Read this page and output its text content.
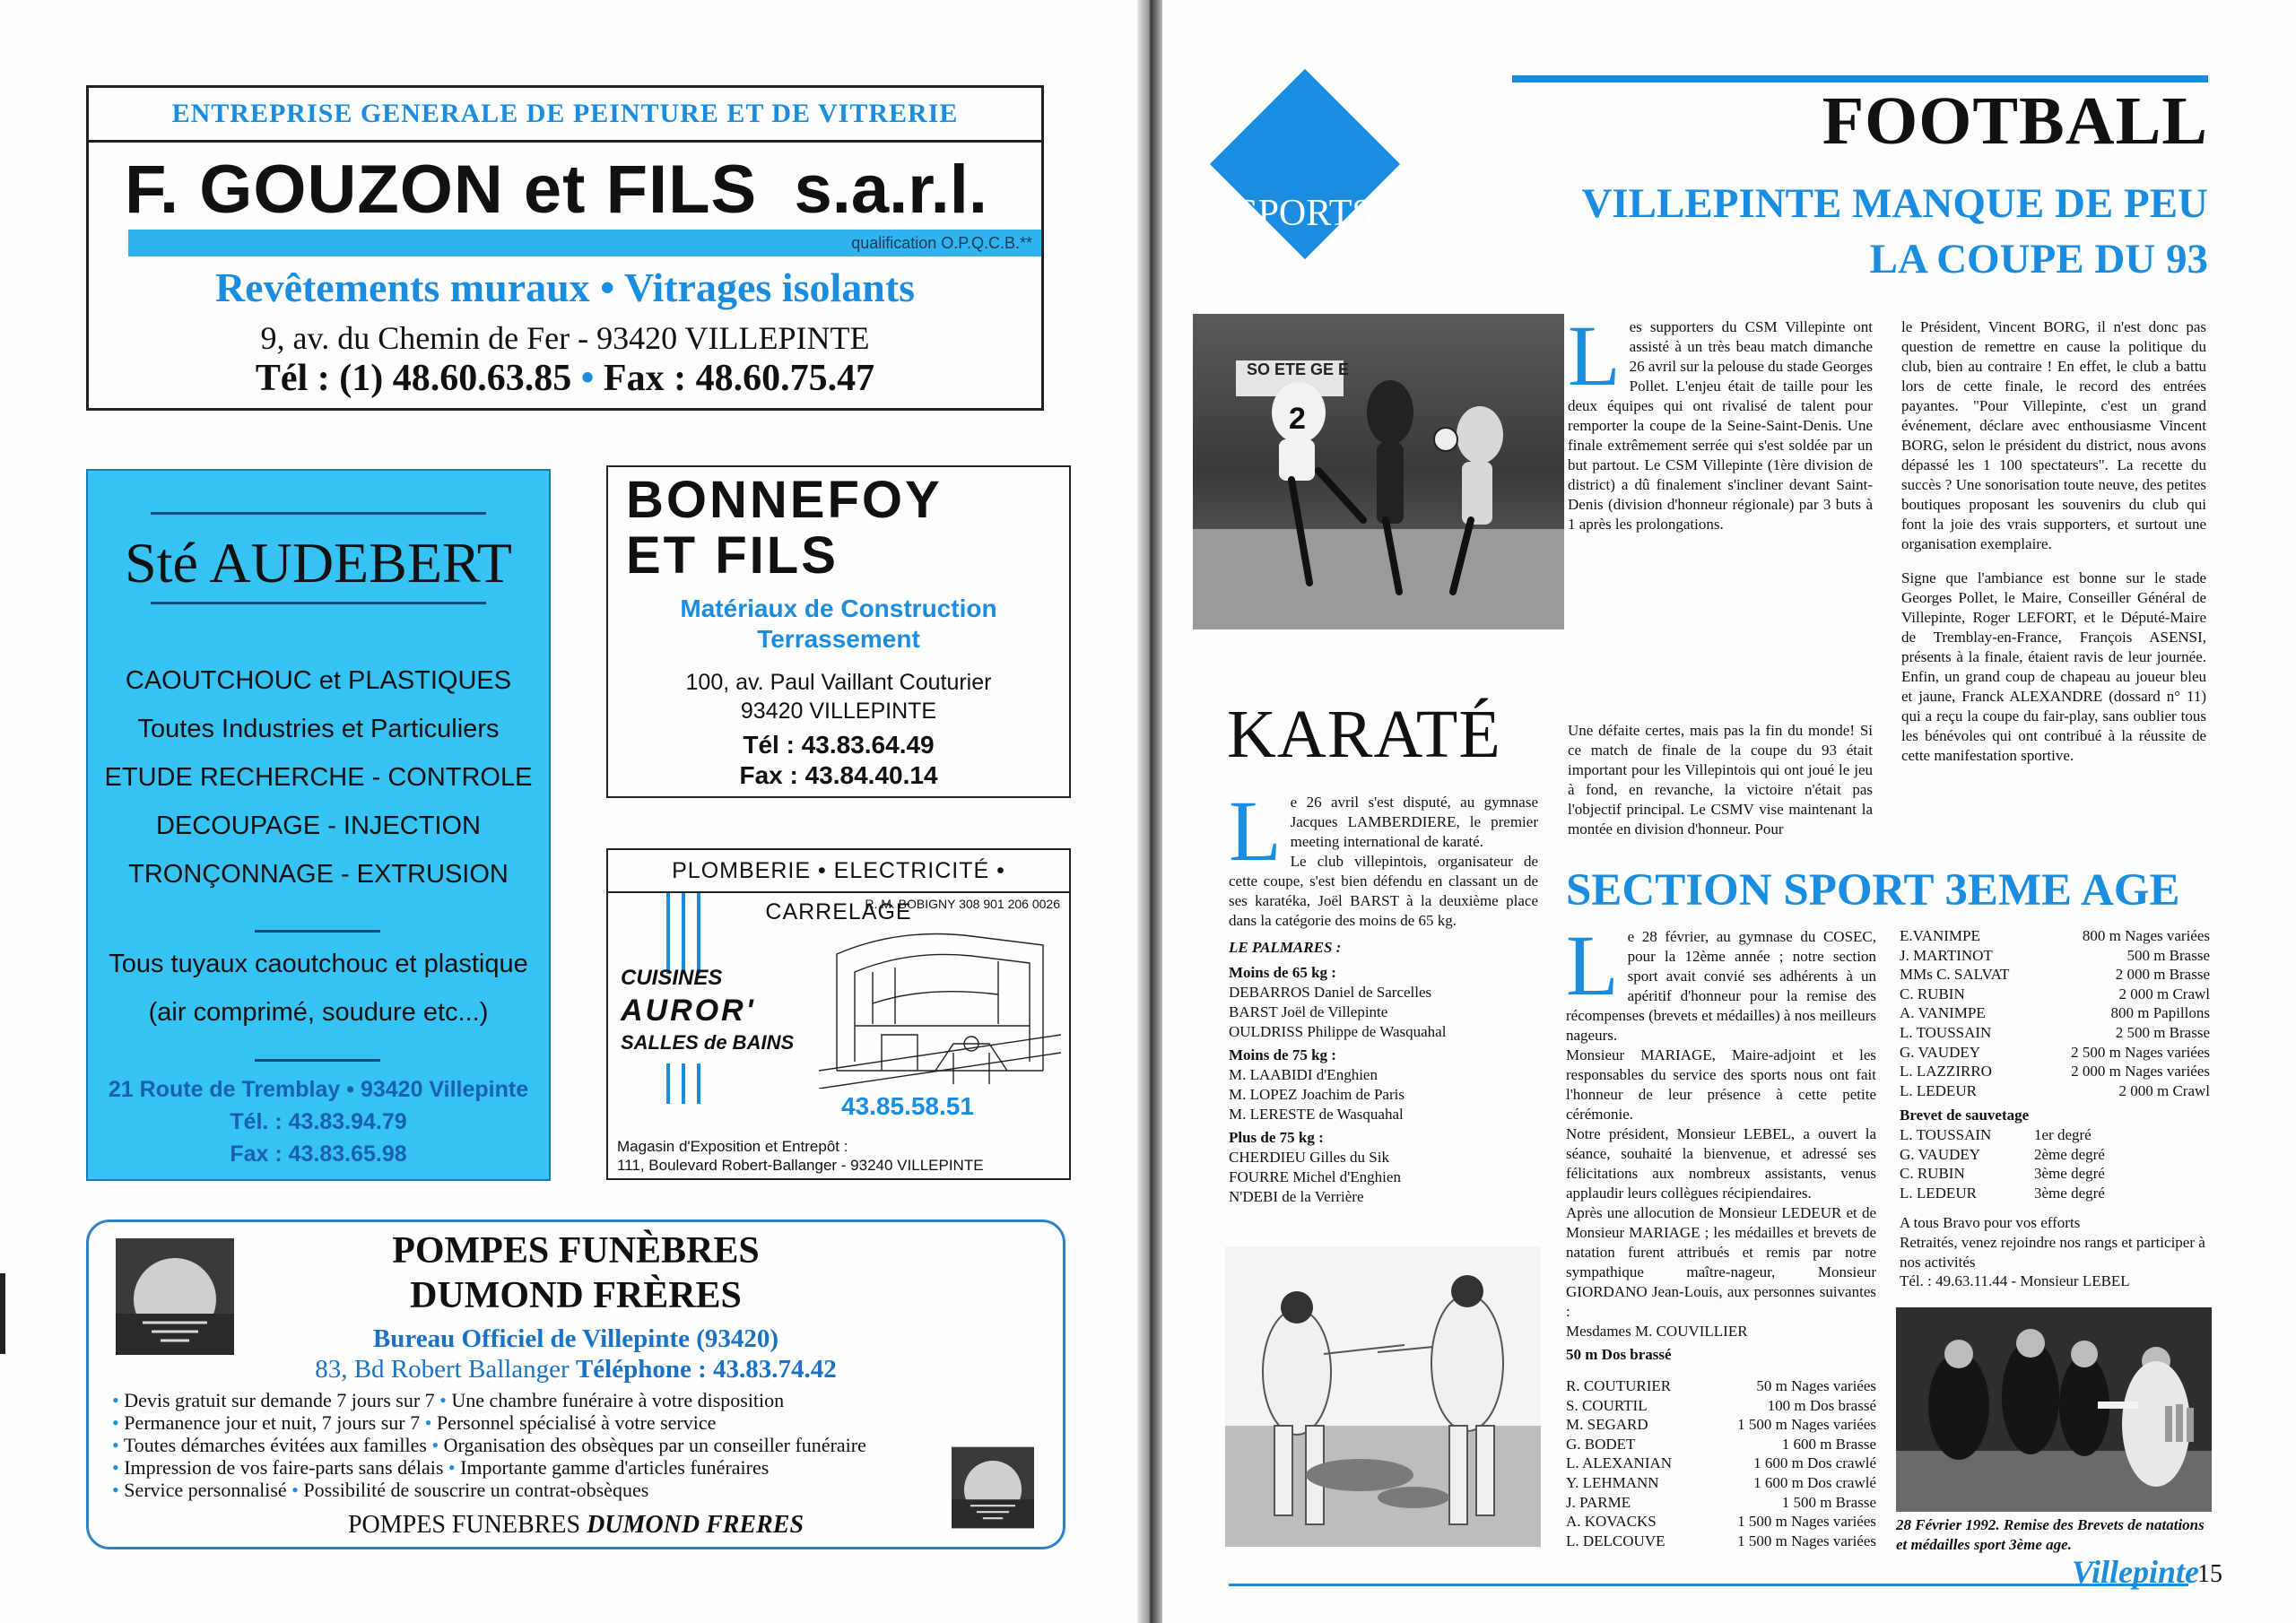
ENTREPRISE GENERALE DE PEINTURE ET DE VITRERIE
F. GOUZON et FILS s.a.r.l.
qualification O.P.Q.C.B.**
Revêtements muraux • Vitrages isolants
9, av. du Chemin de Fer - 93420 VILLEPINTE
Tél : (1) 48.60.63.85 • Fax : 48.60.75.47
Sté AUDEBERT
CAOUTCHOUC et PLASTIQUES
Toutes Industries et Particuliers
ETUDE RECHERCHE - CONTROLE
DECOUPAGE - INJECTION
TRONÇONNAGE - EXTRUSION
Tous tuyaux caoutchouc et plastique
(air comprimé, soudure etc...)
21 Route de Tremblay • 93420 Villepinte
Tél. : 43.83.94.79
Fax : 43.83.65.98
BONNEFOY
ET FILS
Matériaux de Construction
Terrassement
100, av. Paul Vaillant Couturier
93420 VILLEPINTE
Tél : 43.83.64.49
Fax : 43.84.40.14
PLOMBERIE • ELECTRICITÉ • CARRELAGE
R. M. BOBIGNY 308 901 206 0026
CUISINES
AUROR'
SALLES de BAINS
43.85.58.51
Magasin d'Exposition et Entrepôt :
111, Boulevard Robert-Ballanger - 93240 VILLEPINTE
POMPES FUNÈBRES
DUMOND FRÈRES
Bureau Officiel de Villepinte (93420)
83, Bd Robert Ballanger Téléphone : 43.83.74.42
• Devis gratuit sur demande 7 jours sur 7 • Une chambre funéraire à votre disposition
• Permanence jour et nuit, 7 jours sur 7 • Personnel spécialisé à votre service
• Toutes démarches évitées aux familles • Organisation des obsèques par un conseiller funéraire
• Impression de vos faire-parts sans délais • Importante gamme d'articles funéraires
• Service personnalisé • Possibilité de souscrire un contrat-obsèques
POMPES FUNEBRES DUMOND FRERES
SPORTS
FOOTBALL
VILLEPINTE MANQUE DE PEU
LA COUPE DU 93
SO ETE GE E
2
L es supporters du CSM Villepinte ont assisté à un très beau match dimanche 26 avril sur la pelouse du stade Georges Pollet. L'enjeu était de taille pour les deux équipes qui ont rivalisé de talent pour remporter la coupe de la Seine-Saint-Denis. Une finale extrêmement serrée qui s'est soldée par un but partout. Le CSM Villepinte (1ère division de district) a dû finalement s'incliner devant Saint-Denis (division d'honneur régionale) par 3 buts à 1 après les prolongations.

Une défaite certes, mais pas la fin du monde! Si ce match de finale de la coupe du 93 était important pour les Villepintois qui ont joué le jeu à fond, en revanche, la victoire n'était pas l'objectif principal. Le CSMV vise maintenant la montée en division d'honneur. Pour

le Président, Vincent BORG, il n'est donc pas question de remettre en cause la politique du club, bien au contraire ! En effet, le club a battu lors de cette finale, le record des entrées payantes. "Pour Villepinte, c'est un grand événement, déclare avec enthousiasme Vincent BORG, selon le président du district, nous avons dépassé les 1 100 spectateurs". La recette du succès ? Une sonorisation toute neuve, des petites boutiques proposant les souvenirs du club qui font la joie des vrais supporters, et surtout une organisation exemplaire.

Signe que l'ambiance est bonne sur le stade Georges Pollet, le Maire, Conseiller Général de Villepinte, Roger LEFORT, et le Député-Maire de Tremblay-en-France, François ASENSI, présents à la finale, étaient ravis de leur journée. Enfin, un grand coup de chapeau au joueur bleu et jaune, Franck ALEXANDRE (dossard n° 11) qui a reçu la coupe du fair-play, sans oublier tous les bénévoles qui ont contribué à la réussite de cette manifestation sportive.

KARATÉ
L e 26 avril s'est disputé, au gymnase Jacques LAMBERDIERE, le premier meeting international de karaté.

Le club villepintois, organisateur de cette coupe, s'est bien défendu en classant un de ses karatéka, Joël BARST à la deuxième place dans la catégorie des moins de 65 kg.

LE PALMARES :

Moins de 65 kg :
DEBARROS Daniel de Sarcelles
BARST Joël de Villepinte
OULDRISS Philippe de Wasquahal
Moins de 75 kg :
M. LAABIDI d'Enghien
M. LOPEZ Joachim de Paris
M. LERESTE de Wasquahal
Plus de 75 kg :
CHERDIEU Gilles du Sik
FOURRE Michel d'Enghien
N'DEBI de la Verrière
SECTION SPORT 3EME AGE
L e 28 février, au gymnase du COSEC, pour la 12ème année ; notre section sport avait convié ses adhérents à un apéritif d'honneur pour la remise des récompenses (brevets et médailles) à nos meilleurs nageurs.

Monsieur MARIAGE, Maire-adjoint et les responsables du service des sports nous ont fait l'honneur de leur présence à cette petite cérémonie.

Notre président, Monsieur LEBEL, a ouvert la séance, souhaité la bienvenue, et adressé ses félicitations aux nombreux assistants, venus applaudir leurs collègues récipiendaires.

Après une allocution de Monsieur LEDEUR et de Monsieur MARIAGE ; les médailles et brevets de natation furent attribués et remis par notre sympathique maître-nageur, Monsieur GIORDANO Jean-Louis, aux personnes suivantes :

Mesdames M. COUVILLIER

50 m Dos brassé

R. COUTURIER	50 m Nages variées
S. COURTIL	100 m Dos brassé
M. SEGARD	1 500 m Nages variées
G. BODET	1 600 m Brasse
L. ALEXANIAN	1 600 m Dos crawlé
Y. LEHMANN	1 600 m Dos crawlé
J. PARME	1 500 m Brasse
A. KOVACKS	1 500 m Nages variées
L. DELCOUVE	1 500 m Nages variées
E.VANIMPE	800 m Nages variées
J. MARTINOT	500 m Brasse
MMs C. SALVAT	2 000 m Brasse
C. RUBIN	2 000 m Crawl
A. VANIMPE	800 m Papillons
L. TOUSSAIN	2 500 m Brasse
G. VAUDEY	2 500 m Nages variées
L. LAZZIRRO	2 000 m Nages variées
L. LEDEUR	2 000 m Crawl
Brevet de sauvetage
L. TOUSSAIN	1er degré
G. VAUDEY	2ème degré
C. RUBIN	3ème degré
L. LEDEUR	3ème degré
A tous Bravo pour vos efforts
Retraités, venez rejoindre nos rangs et participer à nos activités
Tél. : 49.63.11.44 - Monsieur LEBEL
28 Février 1992. Remise des Brevets de natations et médailles sport 3ème age.
Villepinte
15
